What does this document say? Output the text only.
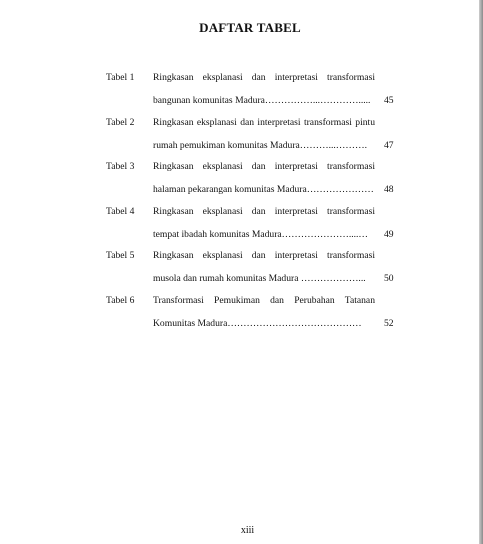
DAFTAR TABEL
Tabel 1 Ringkasan eksplanasi dan interpretasi transformasi
bangunan komunitas Madura……………...………….....	45
Tabel 2 Ringkasan eksplanasi dan interpretasi transformasi pintu
rumah pemukiman komunitas Madura………...……….	47
Tabel 3 Ringkasan eksplanasi dan interpretasi transformasi
halaman pekarangan komunitas Madura………………… 48
Tabel 4 Ringkasan eksplanasi dan interpretasi transformasi
tempat ibadah komunitas Madura…………………....…	49
Tabel 5 Ringkasan eksplanasi dan interpretasi transformasi
musola dan rumah komunitas Madura ………………...	50
Tabel 6 Transformasi Pemukiman dan Perubahan Tatanan
Komunitas Madura……………………………………	52
xiii
